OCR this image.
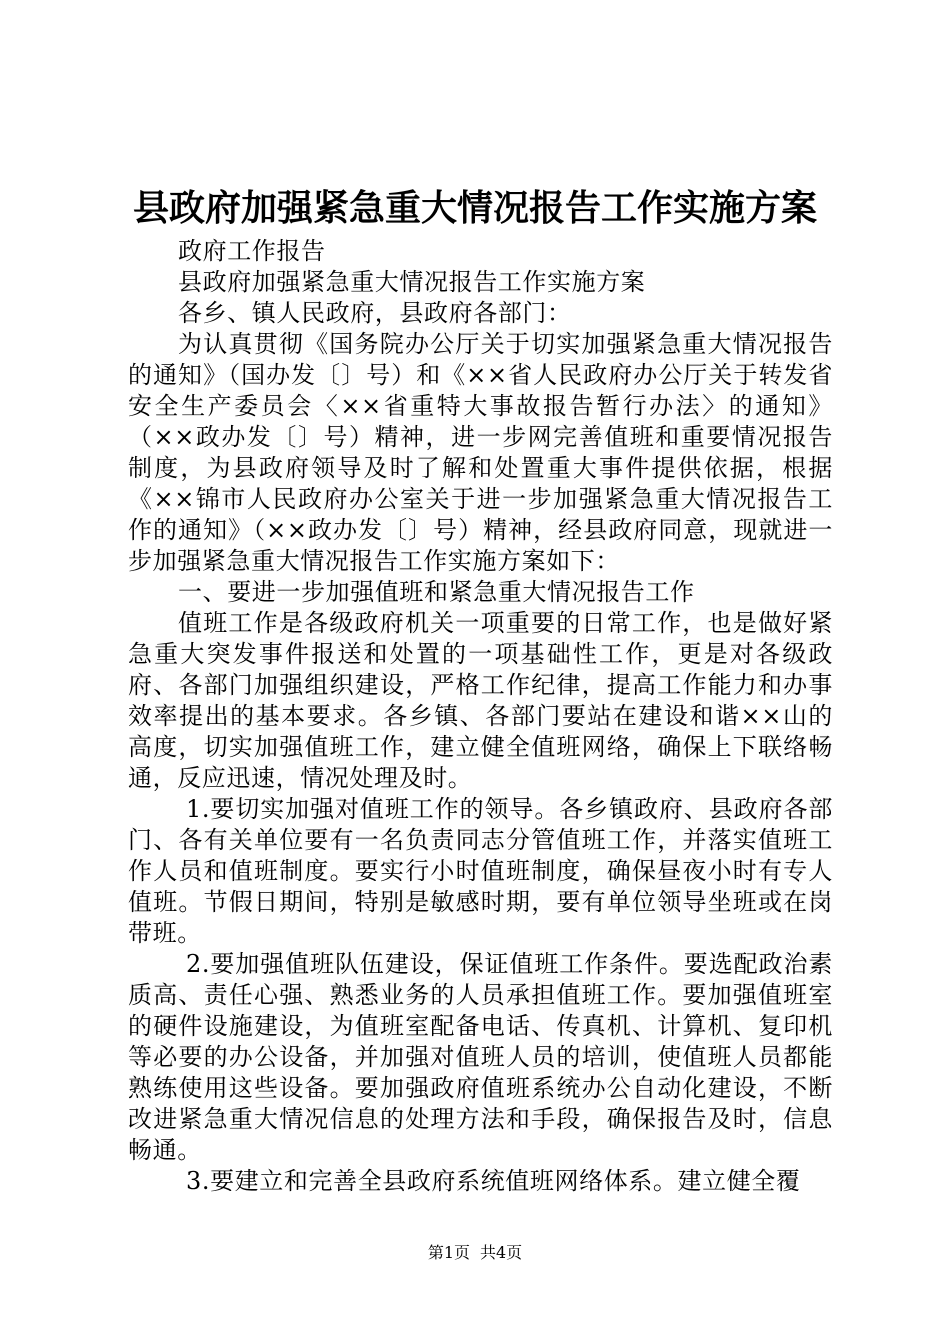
县政府加强紧急重大情况报告工作实施方案

政府工作报告

县政府加强紧急重大情况报告工作实施方案

各乡、镇人民政府，县政府各部门：

为认真贯彻《国务院办公厅关于切实加强紧急重大情况报告的通知》（国办发〔〕号）和《××省人民政府办公厅关于转发省安全生产委员会〈××省重特大事故报告暂行办法〉的通知》（××政办发〔〕号）精神，进一步网完善值班和重要情况报告制度，为县政府领导及时了解和处置重大事件提供依据，根据《××锦市人民政府办公室关于进一步加强紧急重大情况报告工作的通知》（××政办发〔〕号）精神，经县政府同意，现就进一步加强紧急重大情况报告工作实施方案如下：

一、要进一步加强值班和紧急重大情况报告工作

值班工作是各级政府机关一项重要的日常工作，也是做好紧急重大突发事件报送和处置的一项基础性工作，更是对各级政府、各部门加强组织建设，严格工作纪律，提高工作能力和办事效率提出的基本要求。各乡镇、各部门要站在建设和谐××山的高度，切实加强值班工作，建立健全值班网络，确保上下联络畅通，反应迅速，情况处理及时。

1.要切实加强对值班工作的领导。各乡镇政府、县政府各部门、各有关单位要有一名负责同志分管值班工作，并落实值班工作人员和值班制度。要实行小时值班制度，确保昼夜小时有专人值班。节假日期间，特别是敏感时期，要有单位领导坐班或在岗带班。

2.要加强值班队伍建设，保证值班工作条件。要选配政治素质高、责任心强、熟悉业务的人员承担值班工作。要加强值班室的硬件设施建设，为值班室配备电话、传真机、计算机、复印机等必要的办公设备，并加强对值班人员的培训，使值班人员都能熟练使用这些设备。要加强政府值班系统办公自动化建设，不断改进紧急重大情况信息的处理方法和手段，确保报告及时，信息畅通。

3.要建立和完善全县政府系统值班网络体系。建立健全覆

第1页 共4页
